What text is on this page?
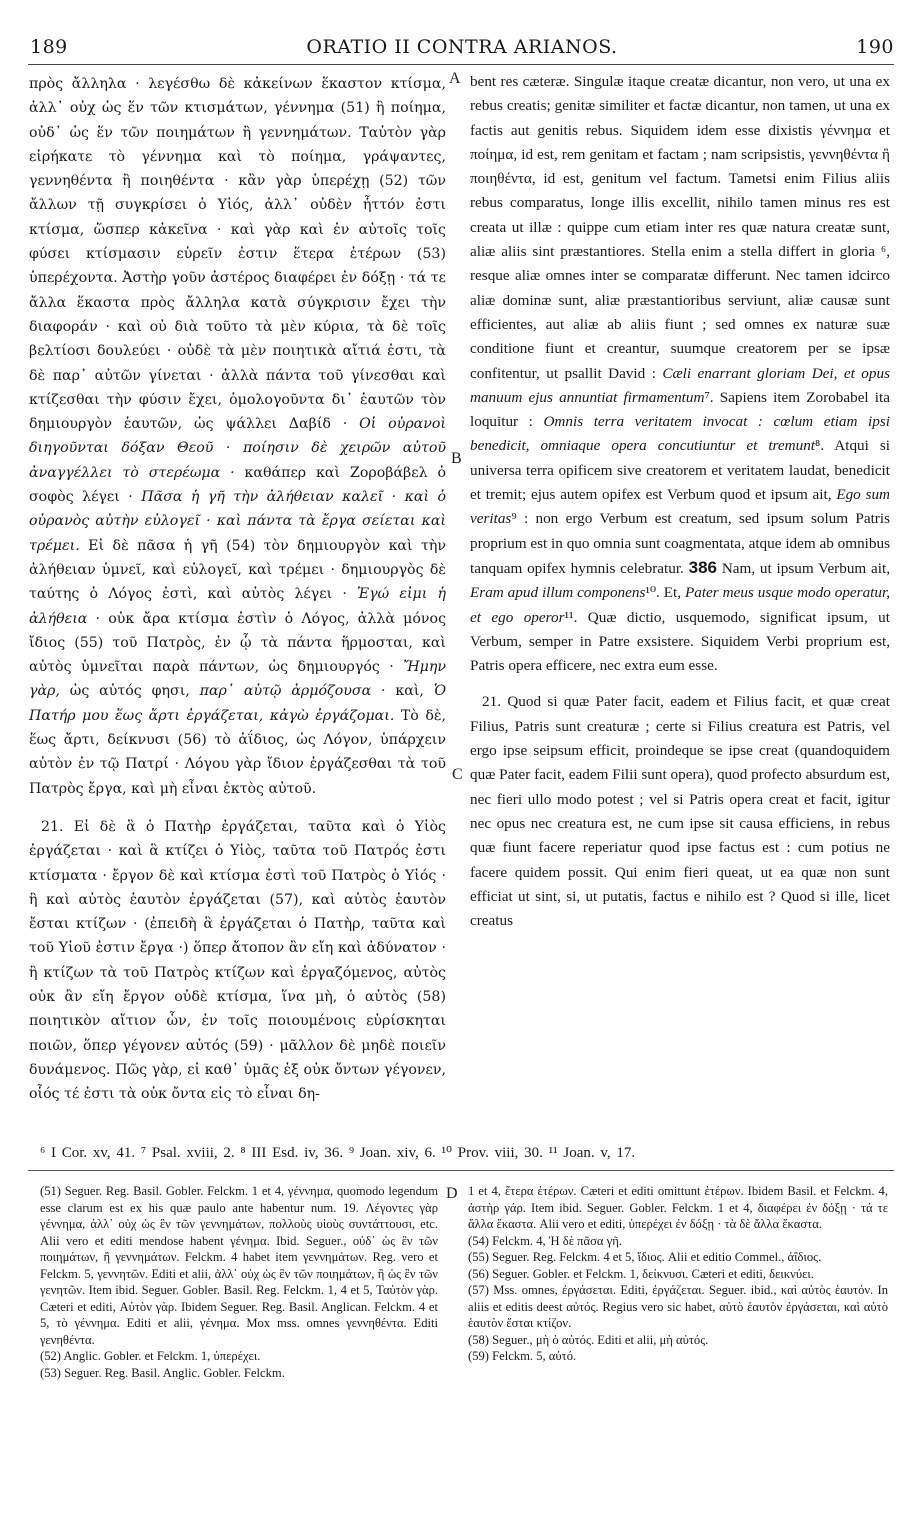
189	ORATIO II CONTRA ARIANOS.	190
A
B
C
D

πρὸς ἄλληλα · λεγέσθω δὲ κἀκείνων ἕκαστον κτίσμα, ἀλλ᾽ οὐχ ὡς ἕν τῶν κτισμάτων, γέννημα (51) ἢ ποίημα, οὐδ᾽ ὡς ἕν τῶν ποιημάτων ἢ γεννημάτων. Ταὐτὸν γὰρ εἰρήκατε τὸ γέννημα καὶ τὸ ποίημα, γράψαντες, γεννηθέντα ἢ ποιηθέντα · κἂν γὰρ ὑπερέχῃ (52) τῶν ἄλλων τῇ συγκρίσει ὁ Υἱός, ἀλλ᾽ οὐδὲν ἧττόν ἐστι κτίσμα, ὥσπερ κἀκεῖνα · καὶ γὰρ καὶ ἐν αὐτοῖς τοῖς φύσει κτίσμασιν εὑρεῖν ἐστιν ἕτερα ἑτέρων (53) ὑπερέχοντα. Ἀστὴρ γοῦν ἀστέρος διαφέρει ἐν δόξῃ · τά τε ἄλλα ἕκαστα πρὸς ἄλληλα κατὰ σύγκρισιν ἔχει τὴν διαφοράν · καὶ οὐ διὰ τοῦτο τὰ μὲν κύρια, τὰ δὲ τοῖς βελτίοσι δουλεύει · οὐδὲ τὰ μὲν ποιητικὰ αἴτιά ἐστι, τὰ δὲ παρ᾽ αὐτῶν γίνεται · ἀλλὰ πάντα τοῦ γίνεσθαι καὶ κτίζεσθαι τὴν φύσιν ἔχει, ὁμολογοῦντα δι᾽ ἑαυτῶν τὸν δημιουργὸν ἑαυτῶν, ὡς ψάλλει Δαβίδ · Οἱ οὐρανοὶ διηγοῦνται δόξαν Θεοῦ · ποίησιν δὲ χειρῶν αὐτοῦ ἀναγγέλλει τὸ στερέωμα · καθάπερ καὶ Ζοροβάβελ ὁ σοφὸς λέγει · Πᾶσα ἡ γῆ τὴν ἀλήθειαν καλεῖ · καὶ ὁ οὐρανὸς αὐτὴν εὐλογεῖ · καὶ πάντα τὰ ἔργα σείεται καὶ τρέμει. Εἰ δὲ πᾶσα ἡ γῆ (54) τὸν δημιουργὸν καὶ τὴν ἀλήθειαν ὑμνεῖ, καὶ εὐλογεῖ, καὶ τρέμει · δημιουργὸς δὲ ταύτης ὁ Λόγος ἐστὶ, καὶ αὐτὸς λέγει · Ἐγώ εἰμι ἡ ἀλήθεια · οὐκ ἄρα κτίσμα ἐστὶν ὁ Λόγος, ἀλλὰ μόνος ἴδιος (55) τοῦ Πατρὸς, ἐν ᾧ τὰ πάντα ἥρμοσται, καὶ αὐτὸς ὑμνεῖται παρὰ πάντων, ὡς δημιουργός · Ἤμην γὰρ, ὡς αὐτός φησι, παρ᾽ αὐτῷ ἁρμόζουσα · καὶ, Ὁ Πατήρ μου ἕως ἄρτι ἐργάζεται, κἀγὼ ἐργάζομαι. Τὸ δὲ, ἕως ἄρτι, δείκνυσι (56) τὸ ἀΐδιος, ὡς Λόγον, ὑπάρχειν αὐτὸν ἐν τῷ Πατρί · Λόγου γὰρ ἴδιον ἐργάζεσθαι τὰ τοῦ Πατρὸς ἔργα, καὶ μὴ εἶναι ἐκτὸς αὐτοῦ.

21. Εἰ δὲ ἃ ὁ Πατὴρ ἐργάζεται, ταῦτα καὶ ὁ Υἱὸς ἐργάζεται · καὶ ἃ κτίζει ὁ Υἱὸς, ταῦτα τοῦ Πατρός ἐστι κτίσματα · ἔργον δὲ καὶ κτίσμα ἐστὶ τοῦ Πατρὸς ὁ Υἱός · ἢ καὶ αὐτὸς ἑαυτὸν ἐργάζεται (57), καὶ αὐτὸς ἑαυτὸν ἔσται κτίζων · (ἐπειδὴ ἃ ἐργάζεται ὁ Πατὴρ, ταῦτα καὶ τοῦ Υἱοῦ ἐστιν ἔργα ·) ὅπερ ἄτοπον ἂν εἴη καὶ ἀδύνατον · ἢ κτίζων τὰ τοῦ Πατρὸς κτίζων καὶ ἐργαζόμενος, αὐτὸς οὐκ ἂν εἴη ἔργον οὐδὲ κτίσμα, ἵνα μὴ, ὁ αὐτὸς (58) ποιητικὸν αἴτιον ὧν, ἐν τοῖς ποιουμένοις εὑρίσκηται ποιῶν, ὅπερ γέγονεν αὐτός (59) · μᾶλλον δὲ μηδὲ ποιεῖν δυνάμενος. Πῶς γὰρ, εἰ καθ᾽ ὑμᾶς ἐξ οὐκ ὄντων γέγονεν, οἷός τέ ἐστι τὰ οὐκ ὄντα εἰς τὸ εἶναι δη-

bent res cæteræ. Singulæ itaque creatæ dicantur, non vero, ut una ex rebus creatis; genitæ similiter et factæ dicantur, non tamen, ut una ex factis aut genitis rebus. Siquidem idem esse dixistis γέννημα et ποίημα, id est, rem genitam et factam ; nam scripsistis, γεννηθέντα ἢ ποιηθέντα, id est, genitum vel factum. Tametsi enim Filius aliis rebus comparatus, longe illis excellit, nihilo tamen minus res est creata ut illæ : quippe cum etiam inter res quæ natura creatæ sunt, aliæ aliis sint præstantiores. Stella enim a stella differt in gloria ⁶, resque aliæ omnes inter se comparatæ differunt. Nec tamen idcirco aliæ dominæ sunt, aliæ præstantioribus serviunt, aliæ causæ sunt efficientes, aut aliæ ab aliis fiunt ; sed omnes ex naturæ suæ conditione fiunt et creantur, suumque creatorem per se ipsæ confitentur, ut psallit David : Cæli enarrant gloriam Dei, et opus manuum ejus annuntiat firmamentum⁷. Sapiens item Zorobabel ita loquitur : Omnis terra veritatem invocat : cœlum etiam ipsi benedicit, omniaque opera concutiuntur et tremunt⁸. Atqui si universa terra opificem sive creatorem et veritatem laudat, benedicit et tremit; ejus autem opifex est Verbum quod et ipsum ait, Ego sum veritas⁹ : non ergo Verbum est creatum, sed ipsum solum Patris proprium est in quo omnia sunt coagmentata, atque idem ab omnibus tanquam opifex hymnis celebratur. 386 Nam, ut ipsum Verbum ait, Eram apud illum componens¹⁰. Et, Pater meus usque modo operatur, et ego operor¹¹. Quæ dictio, usquemodo, significat ipsum, ut Verbum, semper in Patre exsistere. Siquidem Verbi proprium est, Patris opera efficere, nec extra eum esse.

21. Quod si quæ Pater facit, eadem et Filius facit, et quæ creat Filius, Patris sunt creaturæ ; certe si Filius creatura est Patris, vel ergo ipse seipsum efficit, proindeque se ipse creat (quandoquidem quæ Pater facit, eadem Filii sunt opera), quod profecto absurdum est, nec fieri ullo modo potest ; vel si Patris opera creat et facit, igitur nec opus nec creatura est, ne cum ipse sit causa efficiens, in rebus quæ fiunt facere reperiatur quod ipse factus est : cum potius ne facere quidem possit. Qui enim fieri queat, ut ea quæ non sunt efficiat ut sint, si, ut putatis, factus e nihilo est ? Quod si ille, licet creatus

⁶ I Cor. xv, 41. ⁷ Psal. xviii, 2. ⁸ III Esd. iv, 36. ⁹ Joan. xiv, 6. ¹⁰ Prov. viii, 30. ¹¹ Joan. v, 17.
(51) Seguer. Reg. Basil. Gobler. Felckm. 1 et 4, γέννημα, quomodo legendum esse clarum est ex his quæ paulo ante habentur num. 19. Λέγοντες γὰρ γέννημα, ἀλλ᾽ οὐχ ὡς ἓν τῶν γεννημάτων, πολλοὺς υἱοὺς συντάττουσι, etc. Alii vero et editi mendose habent γένημα. Ibid. Seguer., οὐδ᾽ ὡς ἓν τῶν ποιημάτων, ἢ γεννημάτων. Felckm. 4 habet item γεννημάτων. Reg. vero et Felckm. 5, γεννητῶν. Editi et alii, ἀλλ᾽ οὐχ ὡς ἓν τῶν ποιημάτων, ἢ ὡς ἓν τῶν γενητῶν. Item ibid. Seguer. Gobler. Basil. Reg. Felckm. 1, 4 et 5, Ταὐτὸν γὰρ. Cæteri et editi, Αὐτὸν γὰρ. Ibidem Seguer. Reg. Basil. Anglican. Felckm. 4 et 5, τὸ γέννημα. Editi et alii, γένημα. Mox mss. omnes γεννηθέντα. Editi γενηθέντα.
(52) Anglic. Gobler. et Felckm. 1, ὑπερέχει.
(53) Seguer. Reg. Basil. Anglic. Gobler. Felckm.
1 et 4, ἕτερα ἑτέρων. Cæteri et editi omittunt ἑτέρων. Ibidem Basil. et Felckm. 4, ἀστὴρ γάρ. Item ibid. Seguer. Gobler. Felckm. 1 et 4, διαφέρει ἐν δόξῃ · τά τε ἄλλα ἕκαστα. Alii vero et editi, ὑπερέχει ἐν δόξῃ · τὰ δὲ ἄλλα ἕκαστα.
(54) Felckm. 4, Ἡ δὲ πᾶσα γῆ.
(55) Seguer. Reg. Felckm. 4 et 5, ἴδιος. Alii et editio Commel., ἀΐδιος.
(56) Seguer. Gobler. et Felckm. 1, δείκνυσι. Cæteri et editi, δεικνύει.
(57) Mss. omnes, ἐργάσεται. Editi, ἐργάζεται. Seguer. ibid., καὶ αὐτὸς ἑαυτόν. In aliis et editis deest αὐτός. Regius vero sic habet, αὐτὸ ἑαυτὸν ἐργάσεται, καὶ αὐτὸ ἑαυτὸν ἔσται κτίζον.
(58) Seguer., μὴ ὁ αὐτός. Editi et alii, μὴ αὐτός.
(59) Felckm. 5, αὐτό.
